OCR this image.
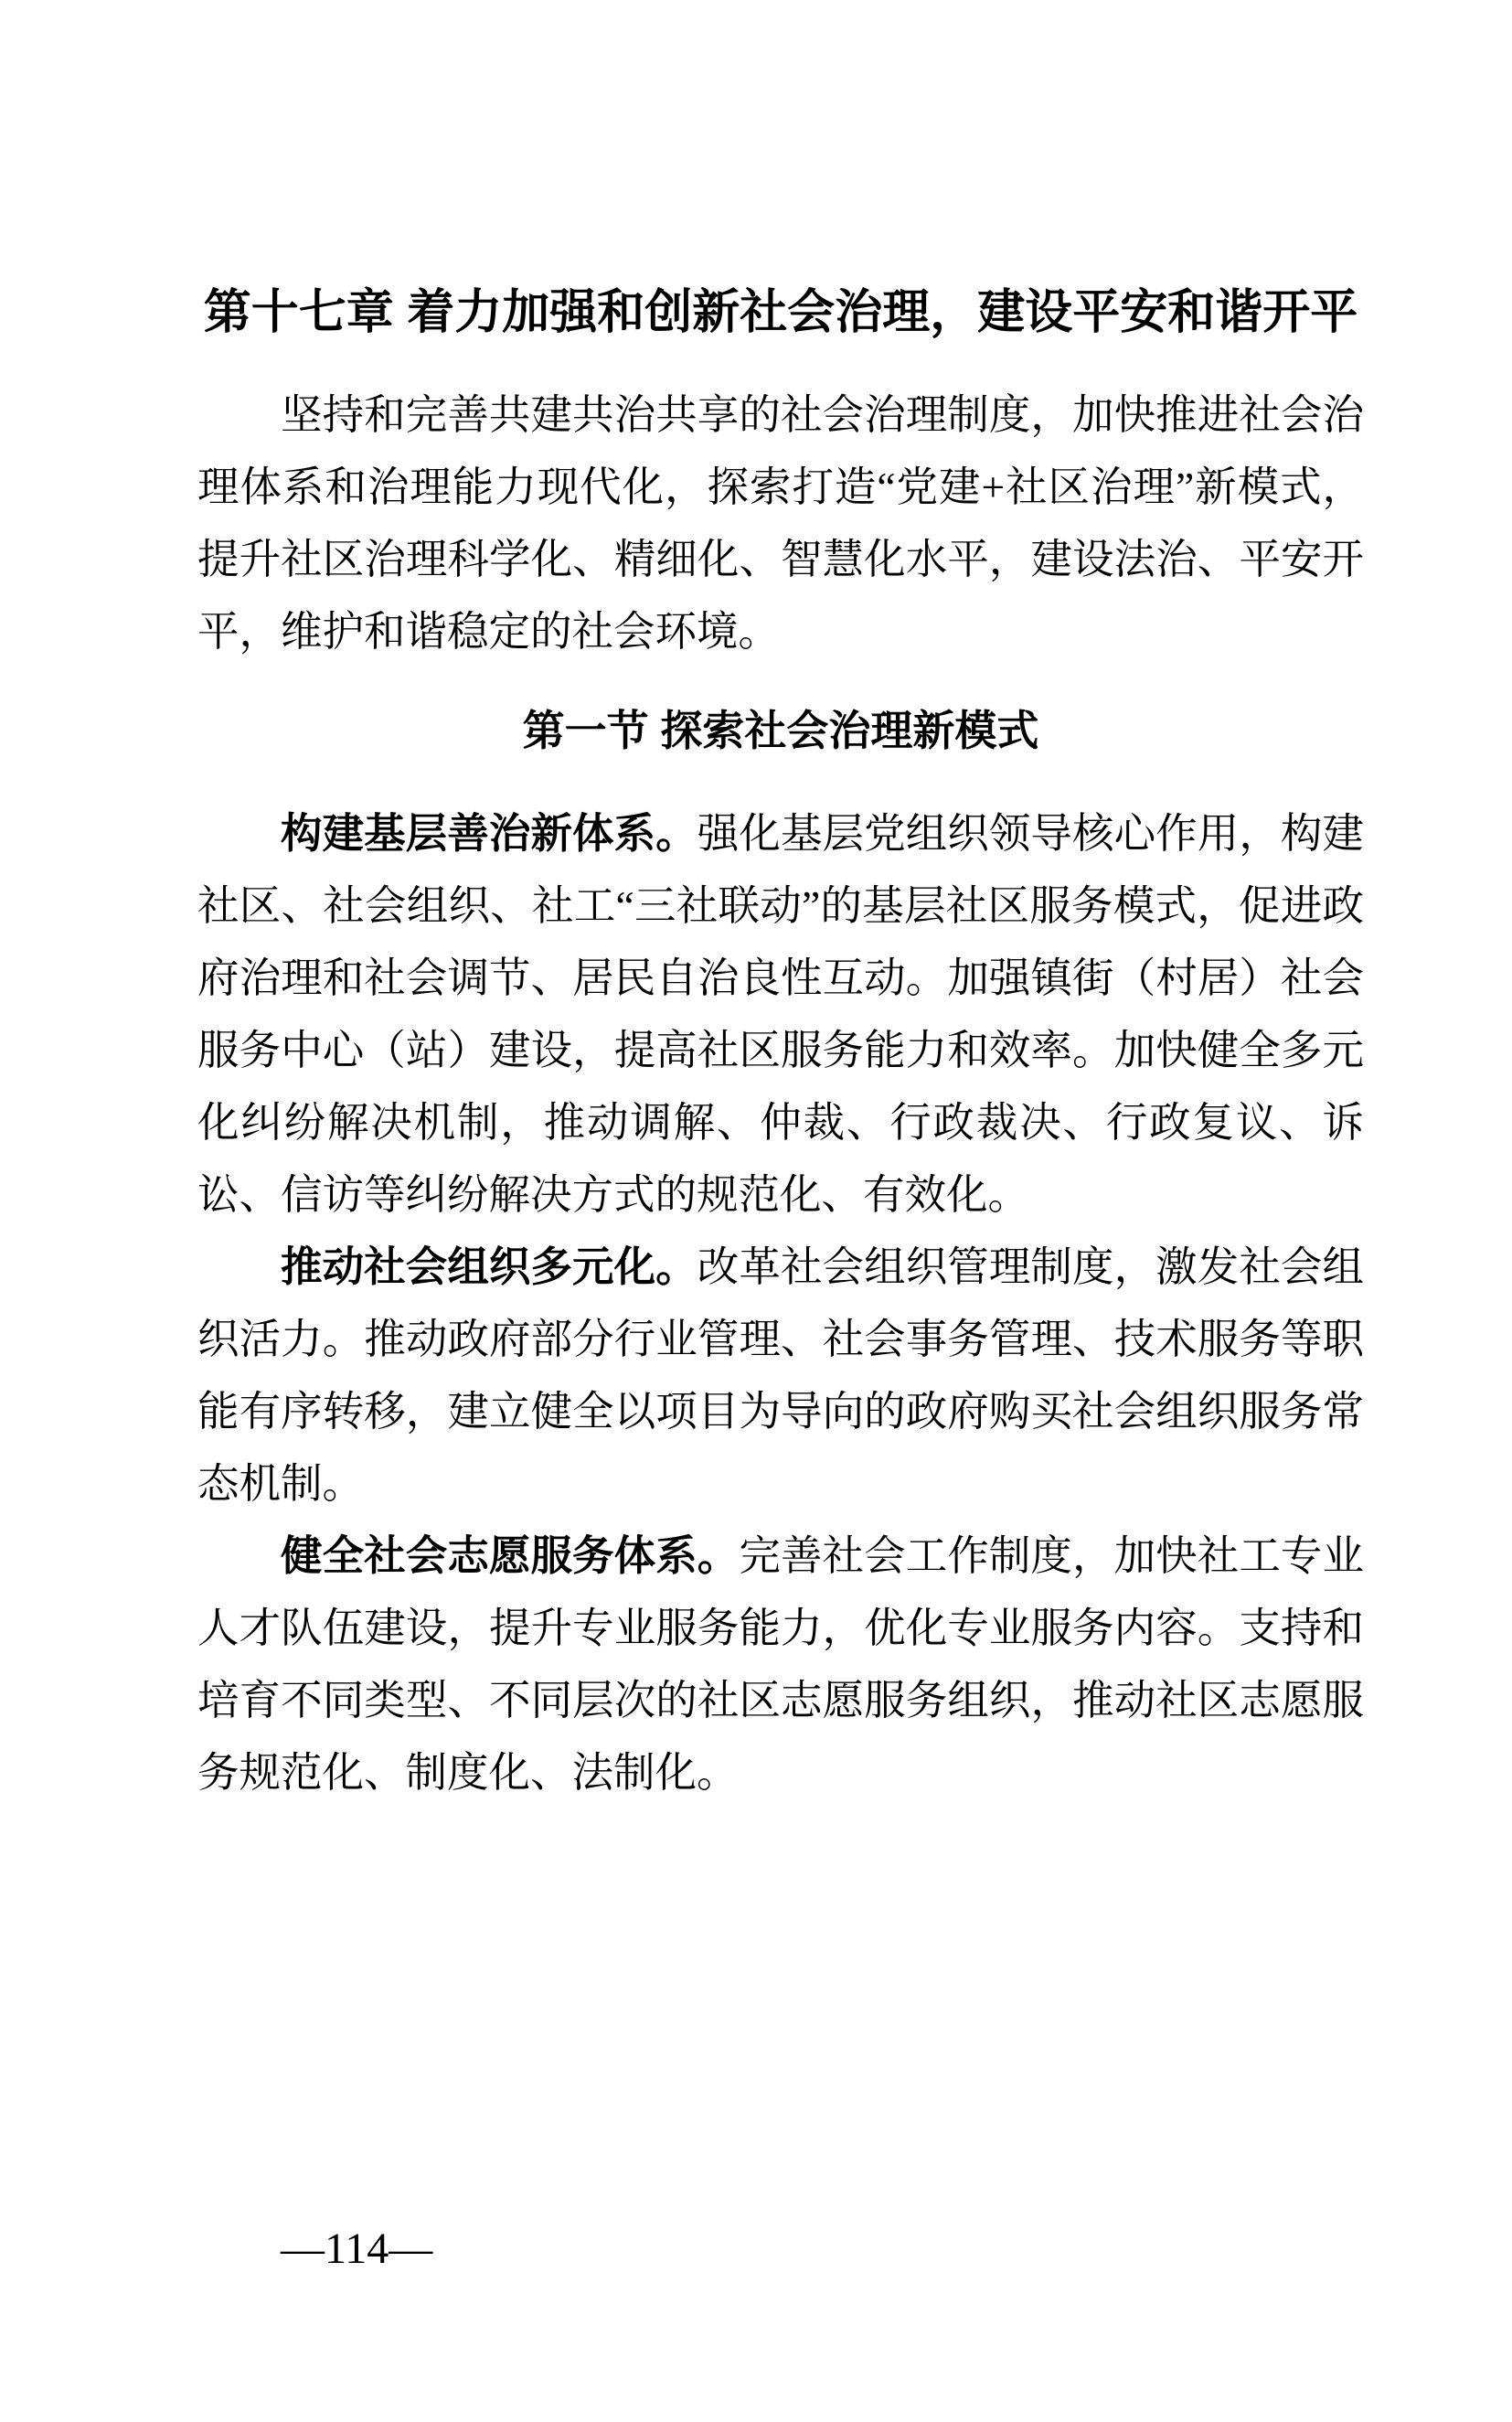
第十七章 着力加强和创新社会治理，建设平安和谐开平

坚持和完善共建共治共享的社会治理制度，加快推进社会治理体系和治理能力现代化，探索打造“党建+社区治理”新模式，提升社区治理科学化、精细化、智慧化水平，建设法治、平安开平，维护和谐稳定的社会环境。

第一节 探索社会治理新模式

构建基层善治新体系。强化基层党组织领导核心作用，构建社区、社会组织、社工“三社联动”的基层社区服务模式，促进政府治理和社会调节、居民自治良性互动。加强镇街（村居）社会服务中心（站）建设，提高社区服务能力和效率。加快健全多元化纠纷解决机制，推动调解、仲裁、行政裁决、行政复议、诉讼、信访等纠纷解决方式的规范化、有效化。

推动社会组织多元化。改革社会组织管理制度，激发社会组织活力。推动政府部分行业管理、社会事务管理、技术服务等职能有序转移，建立健全以项目为导向的政府购买社会组织服务常态机制。

健全社会志愿服务体系。完善社会工作制度，加快社工专业人才队伍建设，提升专业服务能力，优化专业服务内容。支持和培育不同类型、不同层次的社区志愿服务组织，推动社区志愿服务规范化、制度化、法制化。

—114—
